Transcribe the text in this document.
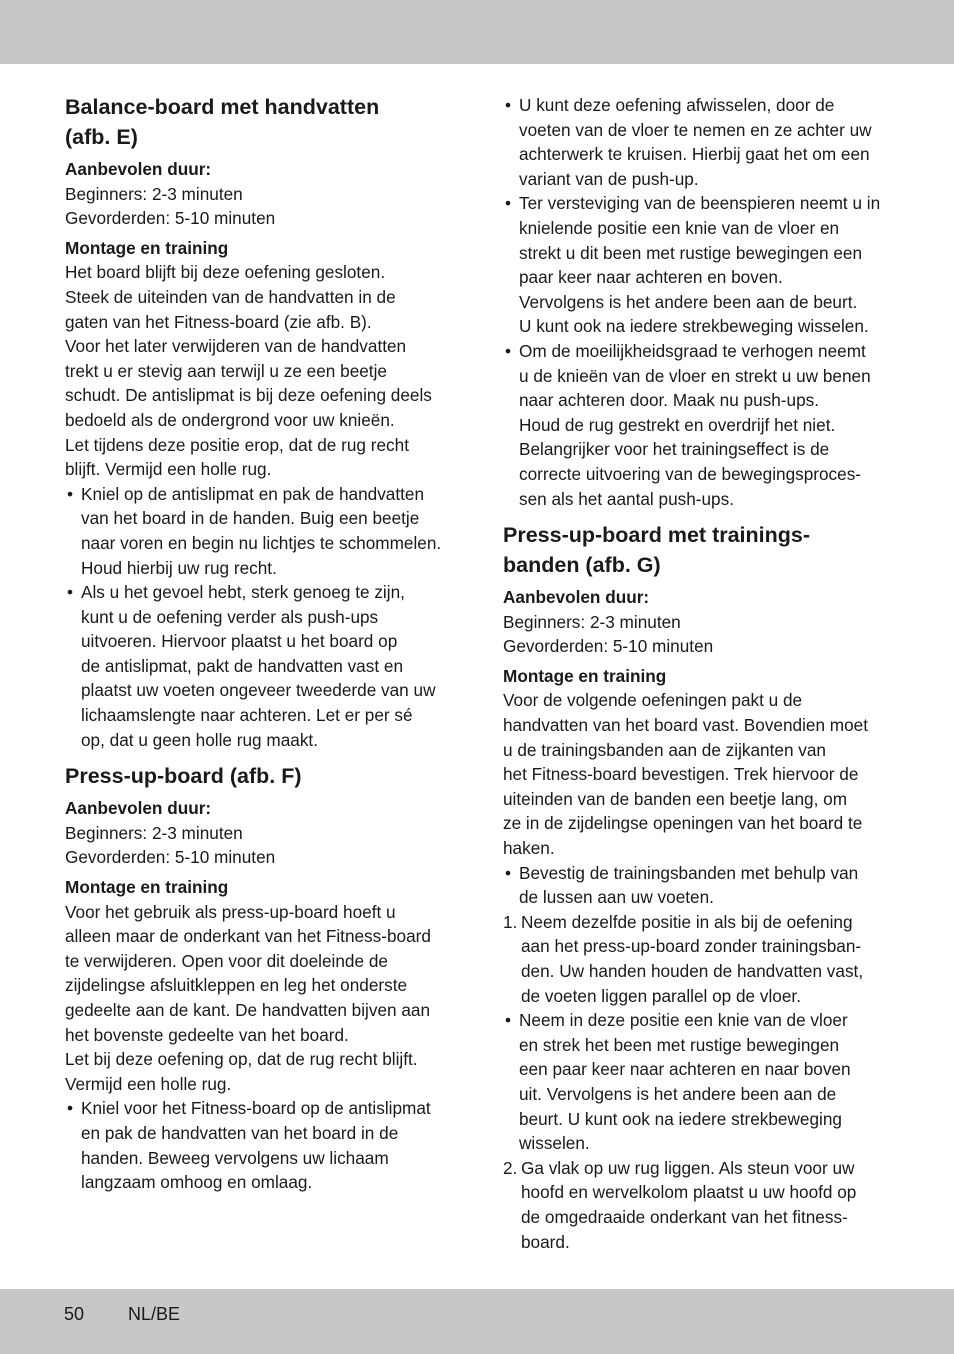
Balance-board met handvatten
(afb. E)

Aanbevolen duur:

Beginners: 2-3 minuten

Gevorderden: 5-10 minuten

Montage en training

Het board blijft bij deze oefening gesloten.
Steek de uiteinden van de handvatten in de
gaten van het Fitness-board (zie afb. B).
Voor het later verwijderen van de handvatten
trekt u er stevig aan terwijl u ze een beetje
schudt. De antislipmat is bij deze oefening deels
bedoeld als de ondergrond voor uw knieën.
Let tijdens deze positie erop, dat de rug recht
blijft. Vermijd een holle rug.
• Kniel op de antislipmat en pak de handvatten
van het board in de handen. Buig een beetje
naar voren en begin nu lichtjes te schommelen.
Houd hierbij uw rug recht.
• Als u het gevoel hebt, sterk genoeg te zijn,
kunt u de oefening verder als push-ups
uitvoeren. Hiervoor plaatst u het board op
de antislipmat, pakt de handvatten vast en
plaatst uw voeten ongeveer tweederde van uw
lichaamslengte naar achteren. Let er per sé
op, dat u geen holle rug maakt.
Press-up-board (afb. F)

Aanbevolen duur:

Beginners: 2-3 minuten

Gevorderden: 5-10 minuten

Montage en training

Voor het gebruik als press-up-board hoeft u
alleen maar de onderkant van het Fitness-board
te verwijderen. Open voor dit doeleinde de
zijdelingse afsluitkleppen en leg het onderste
gedeelte aan de kant. De handvatten bijven aan
het bovenste gedeelte van het board.
Let bij deze oefening op, dat de rug recht blijft.
Vermijd een holle rug.
• Kniel voor het Fitness-board op de antislipmat
en pak de handvatten van het board in de
handen. Beweeg vervolgens uw lichaam
langzaam omhoog en omlaag.
• U kunt deze oefening afwisselen, door de
voeten van de vloer te nemen en ze achter uw
achterwerk te kruisen. Hierbij gaat het om een
variant van de push-up.
• Ter versteviging van de beenspieren neemt u in
knielende positie een knie van de vloer en
strekt u dit been met rustige bewegingen een
paar keer naar achteren en boven.
Vervolgens is het andere been aan de beurt.
U kunt ook na iedere strekbeweging wisselen.
• Om de moeilijkheidsgraad te verhogen neemt
u de knieën van de vloer en strekt u uw benen
naar achteren door. Maak nu push-ups.
Houd de rug gestrekt en overdrijf het niet.
Belangrijker voor het trainingseffect is de
correcte uitvoering van de bewegingsproces-
sen als het aantal push-ups.
Press-up-board met trainings-
banden (afb. G)

Aanbevolen duur:

Beginners: 2-3 minuten

Gevorderden: 5-10 minuten

Montage en training

Voor de volgende oefeningen pakt u de
handvatten van het board vast. Bovendien moet
u de trainingsbanden aan de zijkanten van
het Fitness-board bevestigen. Trek hiervoor de
uiteinden van de banden een beetje lang, om
ze in de zijdelingse openingen van het board te
haken.
• Bevestig de trainingsbanden met behulp van
de lussen aan uw voeten.
1. Neem dezelfde positie in als bij de oefening
aan het press-up-board zonder trainingsban-
den. Uw handen houden de handvatten vast,
de voeten liggen parallel op de vloer.
• Neem in deze positie een knie van de vloer
en strek het been met rustige bewegingen
een paar keer naar achteren en naar boven
uit. Vervolgens is het andere been aan de
beurt. U kunt ook na iedere strekbeweging
wisselen.
2. Ga vlak op uw rug liggen. Als steun voor uw
hoofd en wervelkolom plaatst u uw hoofd op
de omgedraaide onderkant van het fitness-
board.
50 NL/BE
